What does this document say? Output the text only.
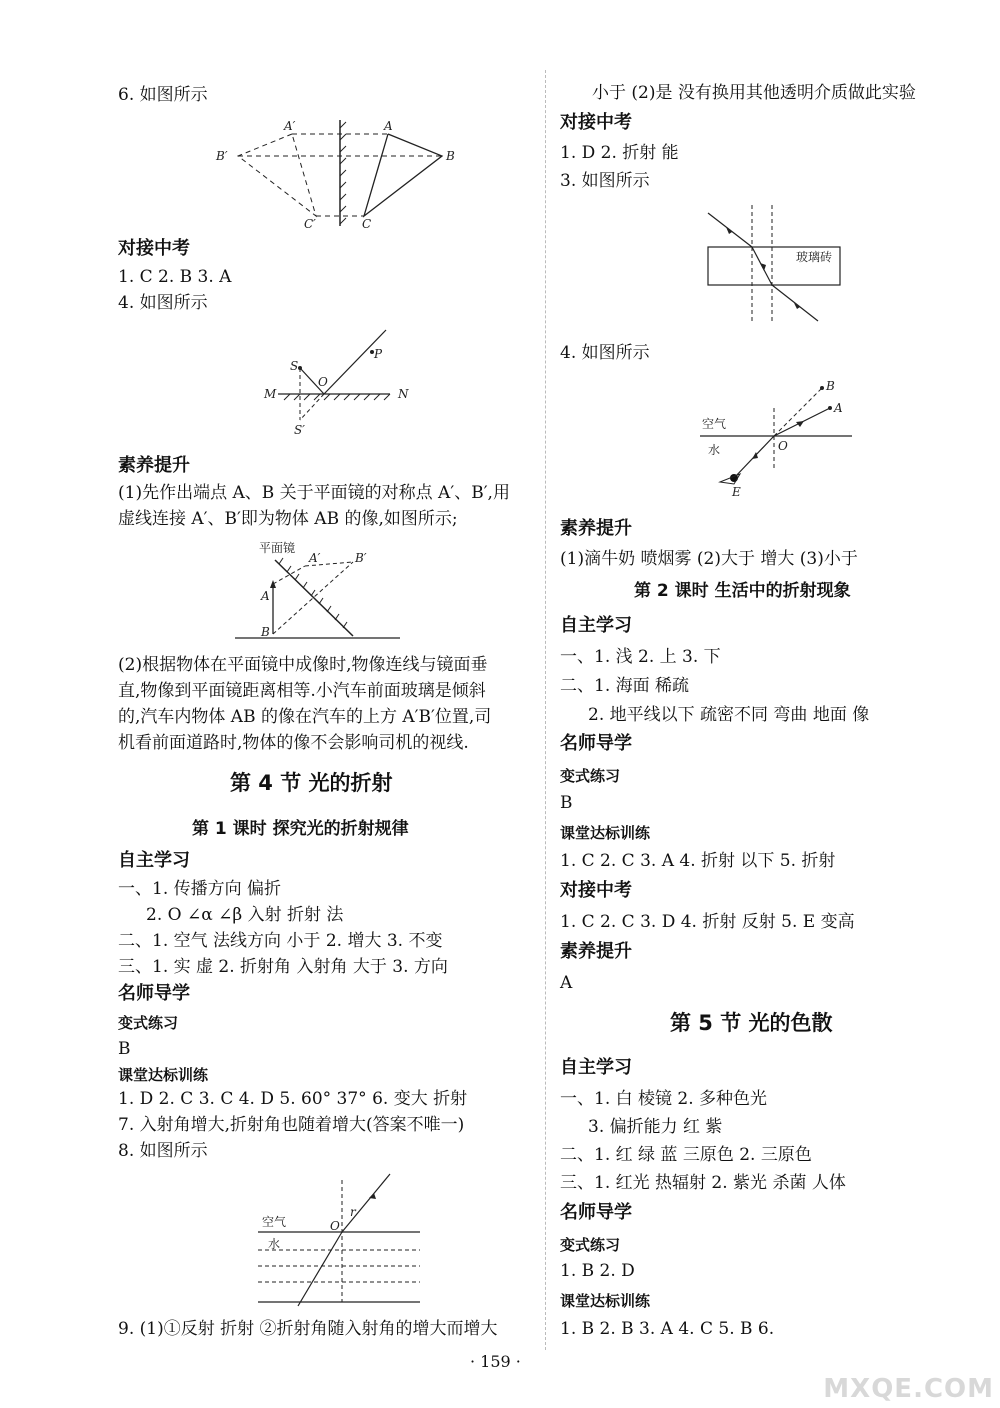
6. 如图所示
A′	A
B′	B
C′	C
对接中考
1. C 2. B 3. A
4. 如图所示
S
P
O
M	N
S′
素养提升
(1)先作出端点 A、B 关于平面镜的对称点 A′、B′,用
虚线连接 A′、B′即为物体 AB 的像,如图所示;
平面镜
A′	B′
A
B
(2)根据物体在平面镜中成像时,物像连线与镜面垂
直,物像到平面镜距离相等.小汽车前面玻璃是倾斜
的,汽车内物体 AB 的像在汽车的上方 A′B′位置,司
机看前面道路时,物体的像不会影响司机的视线.
第 4 节 光的折射
第 1 课时 探究光的折射规律
自主学习
一、1. 传播方向 偏折
2. O ∠α ∠β 入射 折射 法
二、1. 空气 法线方向 小于 2. 增大 3. 不变
三、1. 实 虚 2. 折射角 入射角 大于 3. 方向
名师导学
变式练习
B
课堂达标训练
1. D 2. C 3. C 4. D 5. 60° 37° 6. 变大 折射
7. 入射角增大,折射角也随着增大(答案不唯一)
8. 如图所示
空气
水
O
r
9. (1)①反射 折射 ②折射角随入射角的增大而增大
小于 (2)是 没有换用其他透明介质做此实验
对接中考
1. D 2. 折射 能
3. 如图所示
玻璃砖
4. 如图所示
B
A
O
E
空气
水
素养提升
(1)滴牛奶 喷烟雾 (2)大于 增大 (3)小于
第 2 课时 生活中的折射现象
自主学习
一、1. 浅 2. 上 3. 下
二、1. 海面 稀疏
2. 地平线以下 疏密不同 弯曲 地面 像
名师导学
变式练习
B
课堂达标训练
1. C 2. C 3. A 4. 折射 以下 5. 折射
对接中考
1. C 2. C 3. D 4. 折射 反射 5. E 变高
素养提升
A
第 5 节 光的色散
自主学习
一、1. 白 棱镜 2. 多种色光
3. 偏折能力 红 紫
二、1. 红 绿 蓝 三原色 2. 三原色
三、1. 红光 热辐射 2. 紫光 杀菌 人体
名师导学
变式练习
1. B 2. D
课堂达标训练
1. B 2. B 3. A 4. C 5. B 6.
· 159 ·
MXQE.COM
